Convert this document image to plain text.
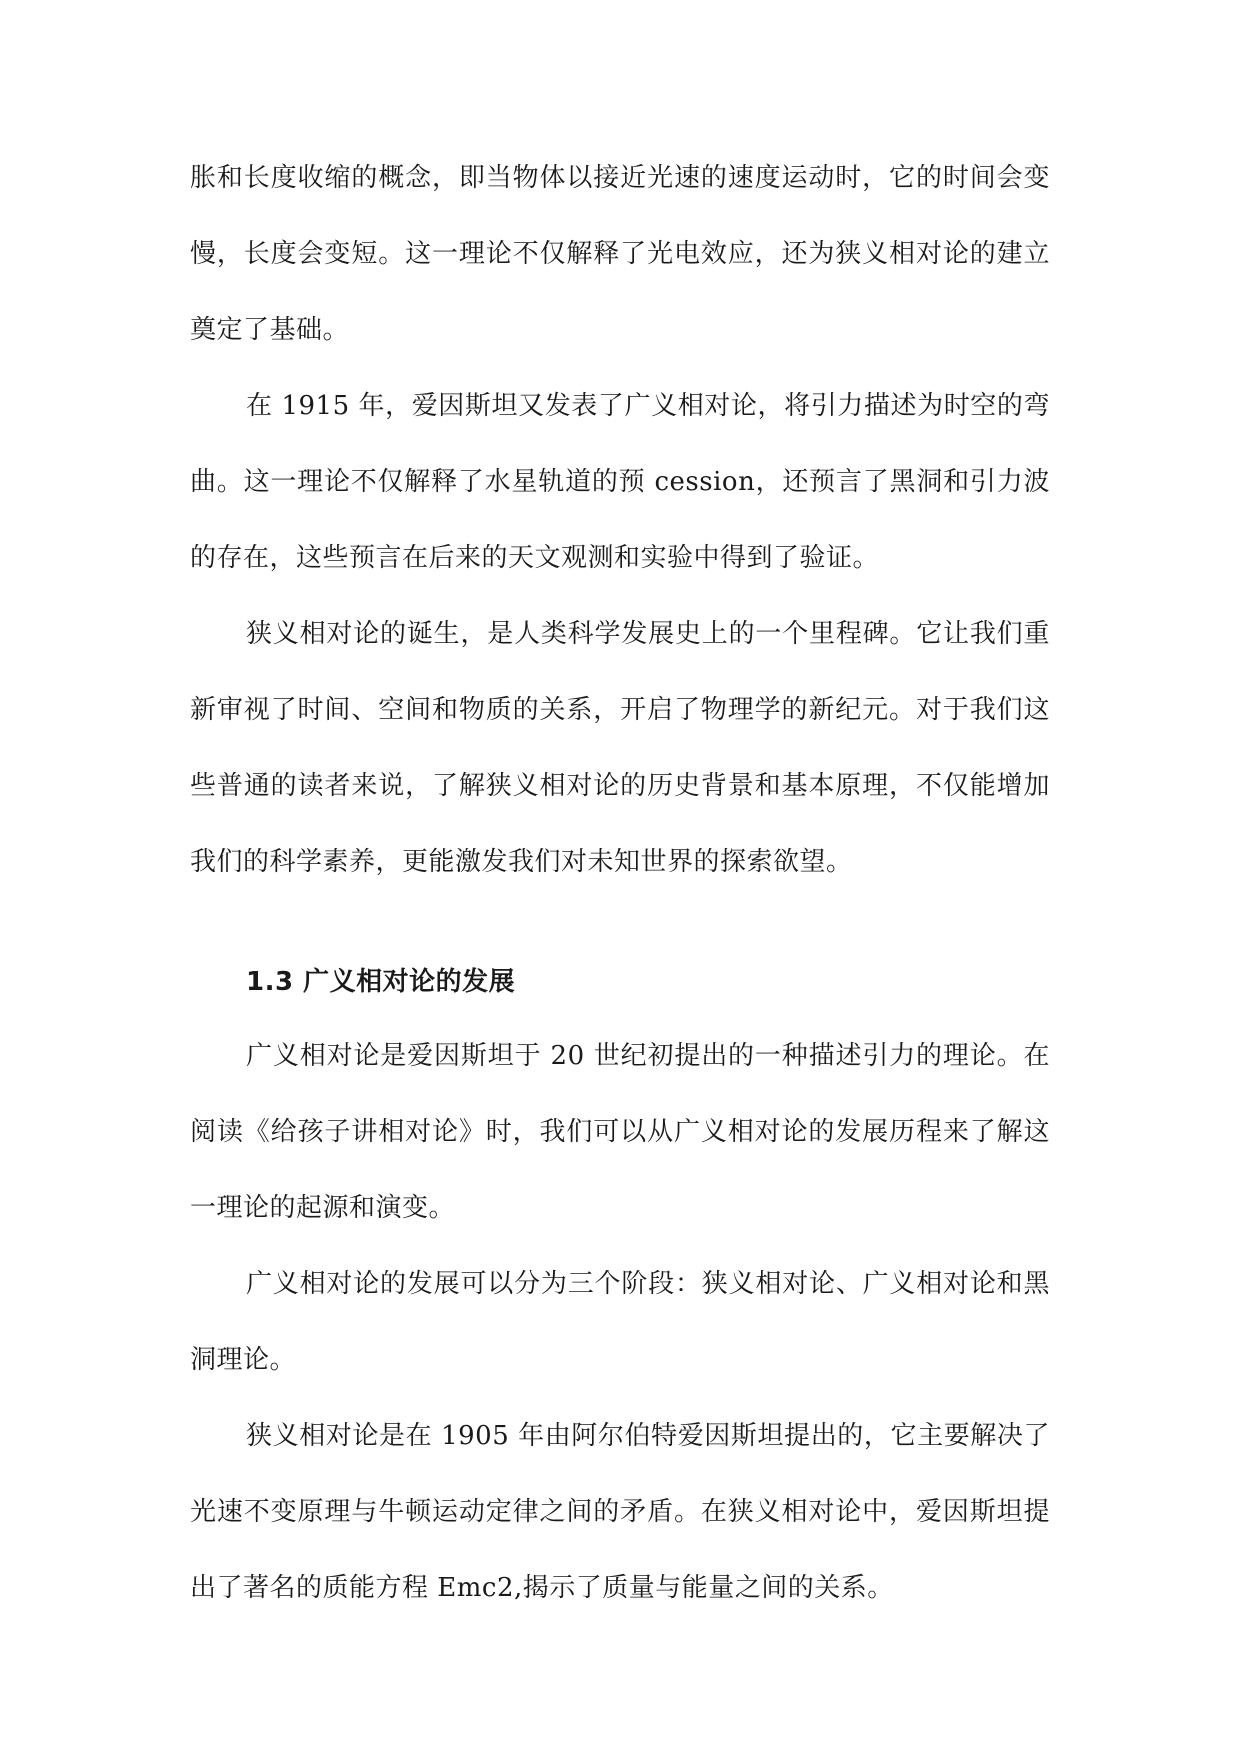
胀和长度收缩的概念，即当物体以接近光速的速度运动时，它的时间会变慢，长度会变短。这一理论不仅解释了光电效应，还为狭义相对论的建立奠定了基础。

在 1915 年，爱因斯坦又发表了广义相对论，将引力描述为时空的弯曲。这一理论不仅解释了水星轨道的预 cession，还预言了黑洞和引力波的存在，这些预言在后来的天文观测和实验中得到了验证。

狭义相对论的诞生，是人类科学发展史上的一个里程碑。它让我们重新审视了时间、空间和物质的关系，开启了物理学的新纪元。对于我们这些普通的读者来说，了解狭义相对论的历史背景和基本原理，不仅能增加我们的科学素养，更能激发我们对未知世界的探索欲望。

1.3 广义相对论的发展

广义相对论是爱因斯坦于 20 世纪初提出的一种描述引力的理论。在阅读《给孩子讲相对论》时，我们可以从广义相对论的发展历程来了解这一理论的起源和演变。

广义相对论的发展可以分为三个阶段：狭义相对论、广义相对论和黑洞理论。

狭义相对论是在 1905 年由阿尔伯特爱因斯坦提出的，它主要解决了光速不变原理与牛顿运动定律之间的矛盾。在狭义相对论中，爱因斯坦提出了著名的质能方程 Emc2,揭示了质量与能量之间的关系。
